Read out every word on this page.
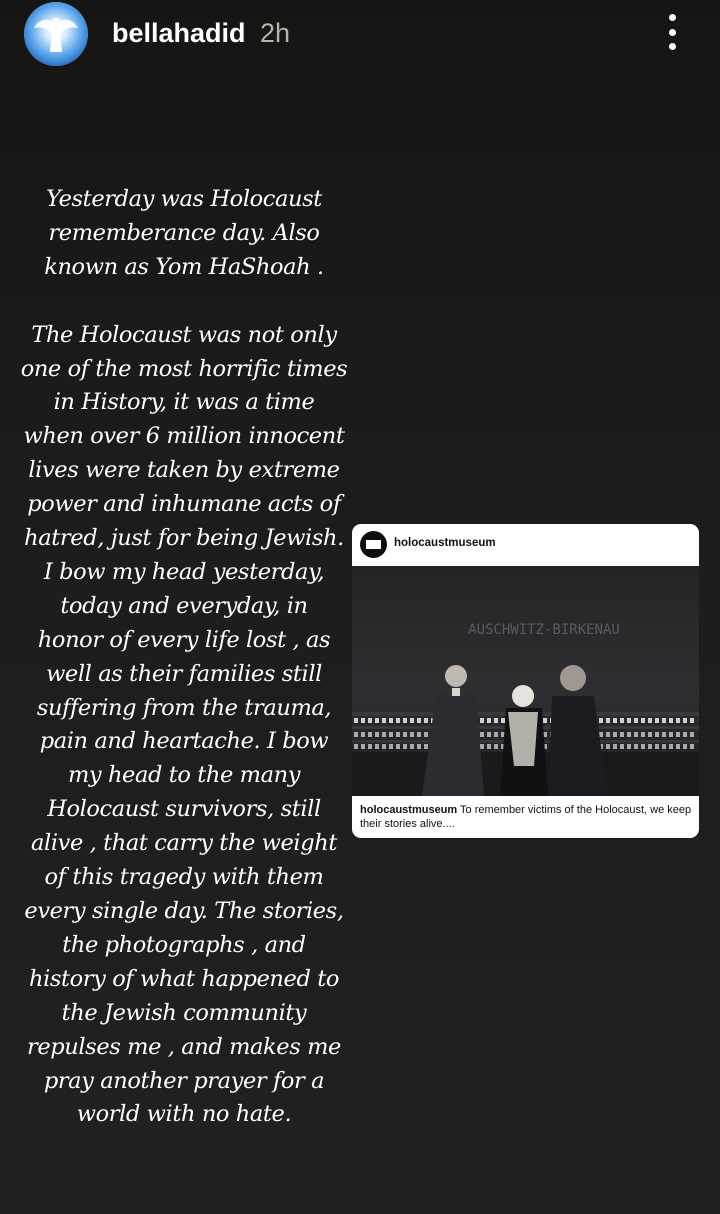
bellahadid 2h

Yesterday was Holocaust

rememberance day. Also

known as Yom HaShoah .

The Holocaust was not only

one of the most horrific times

in History, it was a time

when over 6 million innocent

lives were taken by extreme

power and inhumane acts of

hatred, just for being Jewish.

I bow my head yesterday,

today and everyday, in

honor of every life lost , as

well as their families still

suffering from the trauma,

pain and heartache. I bow

my head to the many

Holocaust survivors, still

alive , that carry the weight

of this tragedy with them

every single day. The stories,

the photographs , and

history of what happened to

the Jewish community

repulses me , and makes me

pray another prayer for a

world with no hate.

holocaustmuseum
AUSCHWITZ-BIRKENAU
holocaustmuseum To remember victims of the Holocaust, we keep their stories alive....
